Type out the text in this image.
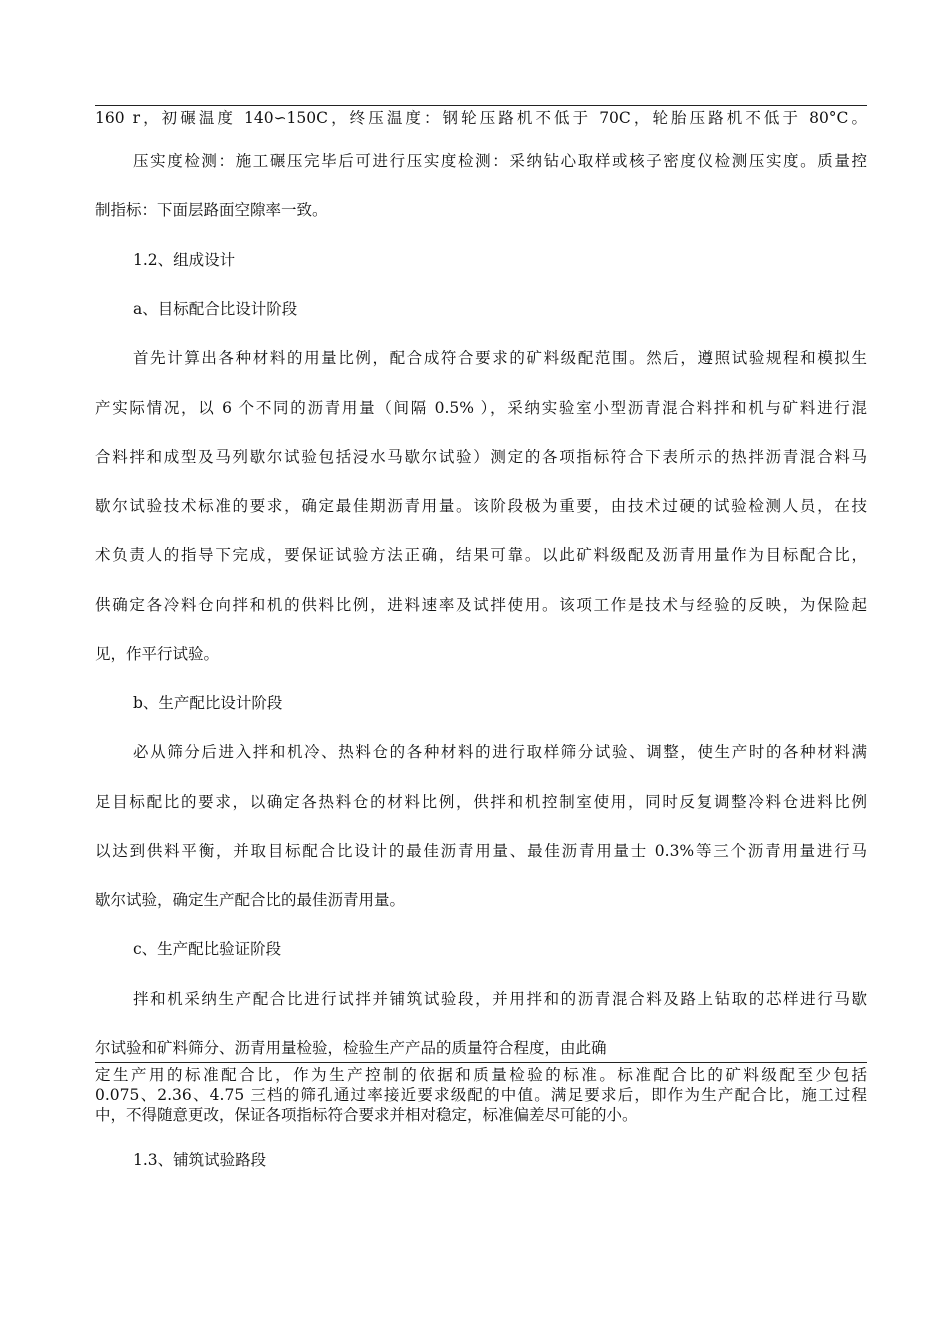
160 r，初碾温度 140∽150C，终压温度：钢轮压路机不低于 70C，轮胎压路机不低于 80°C。
压实度检测：施工碾压完毕后可进行压实度检测：采纳钻心取样或核子密度仪检测压实度。质量控
制指标：下面层路面空隙率一致。
1.2、组成设计
a、目标配合比设计阶段
首先计算出各种材料的用量比例，配合成符合要求的矿料级配范围。然后，遵照试验规程和模拟生
产实际情况，以 6 个不同的沥青用量（间隔 0.5% ），采纳实验室小型沥青混合料拌和机与矿料进行混
合料拌和成型及马列歇尔试验包括浸水马歇尔试验）测定的各项指标符合下表所示的热拌沥青混合料马
歇尔试验技术标准的要求，确定最佳期沥青用量。该阶段极为重要，由技术过硬的试验检测人员，在技
术负责人的指导下完成，要保证试验方法正确，结果可靠。以此矿料级配及沥青用量作为目标配合比，
供确定各冷料仓向拌和机的供料比例，进料速率及试拌使用。该项工作是技术与经验的反映，为保险起
见，作平行试验。
b、生产配比设计阶段
必从筛分后进入拌和机冷、热料仓的各种材料的进行取样筛分试验、调整，使生产时的各种材料满
足目标配比的要求，以确定各热料仓的材料比例，供拌和机控制室使用，同时反复调整冷料仓进料比例
以达到供料平衡，并取目标配合比设计的最佳沥青用量、最佳沥青用量士 0.3%等三个沥青用量进行马
歇尔试验，确定生产配合比的最佳沥青用量。
c、生产配比验证阶段
拌和机采纳生产配合比进行试拌并铺筑试验段，并用拌和的沥青混合料及路上钻取的芯样进行马歇
尔试验和矿料筛分、沥青用量检验，检验生产产品的质量符合程度，由此确
定生产用的标准配合比，作为生产控制的依据和质量检验的标准。标准配合比的矿料级配至少包括
0.075、2.36、4.75 三档的筛孔通过率接近要求级配的中值。满足要求后，即作为生产配合比，施工过程
中，不得随意更改，保证各项指标符合要求并相对稳定，标准偏差尽可能的小。
1.3、铺筑试验路段
